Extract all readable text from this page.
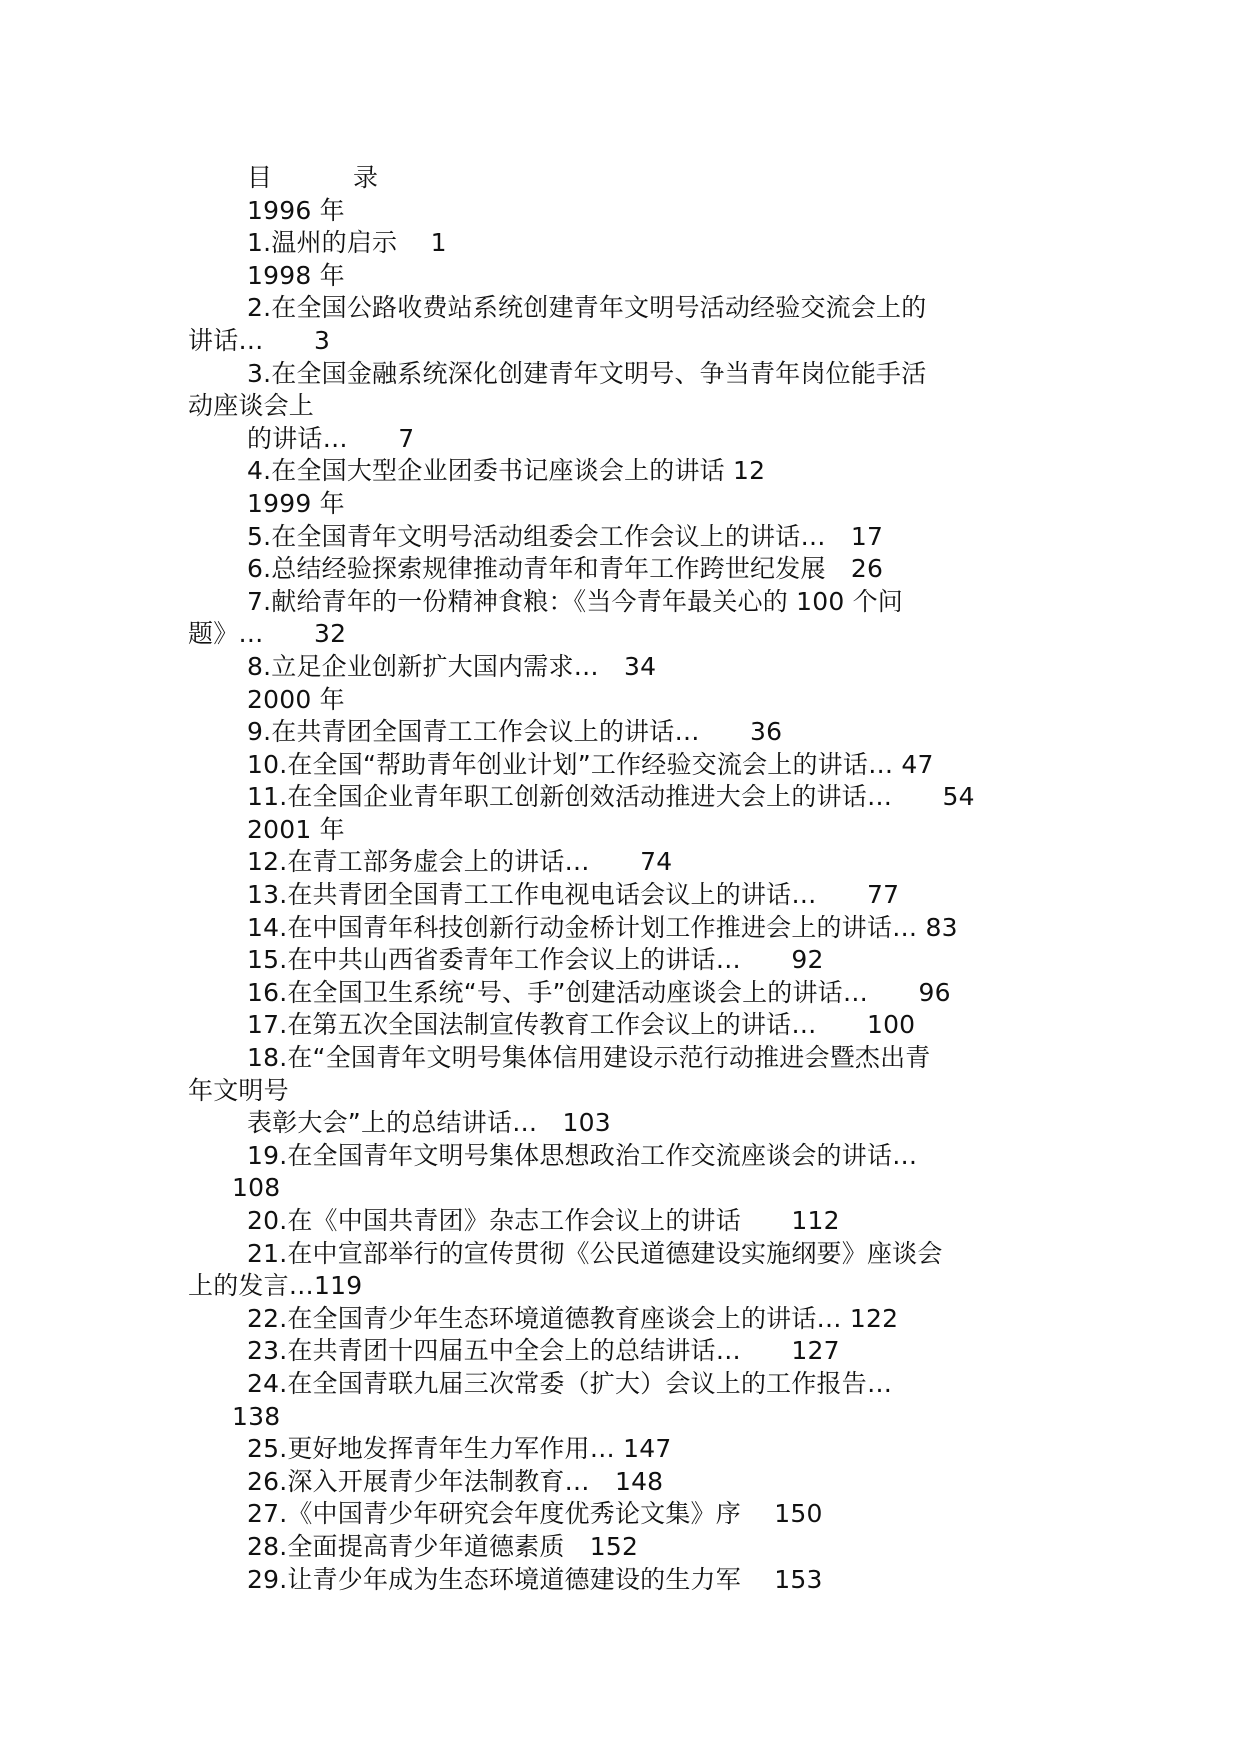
目　录
1996 年
1.温州的启示　 1
1998 年
2.在全国公路收费站系统创建青年文明号活动经验交流会上的
讲话…　　3
3.在全国金融系统深化创建青年文明号、争当青年岗位能手活
动座谈会上
的讲话…　　7
4.在全国大型企业团委书记座谈会上的讲话 12
1999 年
5.在全国青年文明号活动组委会工作会议上的讲话…　17
6.总结经验探索规律推动青年和青年工作跨世纪发展　26
7.献给青年的一份精神食粮：《当今青年最关心的 100 个问
题》…　　32
8.立足企业创新扩大国内需求…　34
2000 年
9.在共青团全国青工工作会议上的讲话…　　36
10.在全国“帮助青年创业计划”工作经验交流会上的讲话… 47
11.在全国企业青年职工创新创效活动推进大会上的讲话…　　54
2001 年
12.在青工部务虚会上的讲话…　　74
13.在共青团全国青工工作电视电话会议上的讲话…　　77
14.在中国青年科技创新行动金桥计划工作推进会上的讲话… 83
15.在中共山西省委青年工作会议上的讲话…　　92
16.在全国卫生系统“号、手”创建活动座谈会上的讲话…　　96
17.在第五次全国法制宣传教育工作会议上的讲话…　　100
18.在“全国青年文明号集体信用建设示范行动推进会暨杰出青
年文明号
表彰大会”上的总结讲话…　103
19.在全国青年文明号集体思想政治工作交流座谈会的讲话…
108
20.在《中国共青团》杂志工作会议上的讲话　　112
21.在中宣部举行的宣传贯彻《公民道德建设实施纲要》座谈会
上的发言…119
22.在全国青少年生态环境道德教育座谈会上的讲话… 122
23.在共青团十四届五中全会上的总结讲话…　　127
24.在全国青联九届三次常委（扩大）会议上的工作报告…
138
25.更好地发挥青年生力军作用… 147
26.深入开展青少年法制教育…　148
27.《中国青少年研究会年度优秀论文集》序　 150
28.全面提高青少年道德素质　152
29.让青少年成为生态环境道德建设的生力军　 153
